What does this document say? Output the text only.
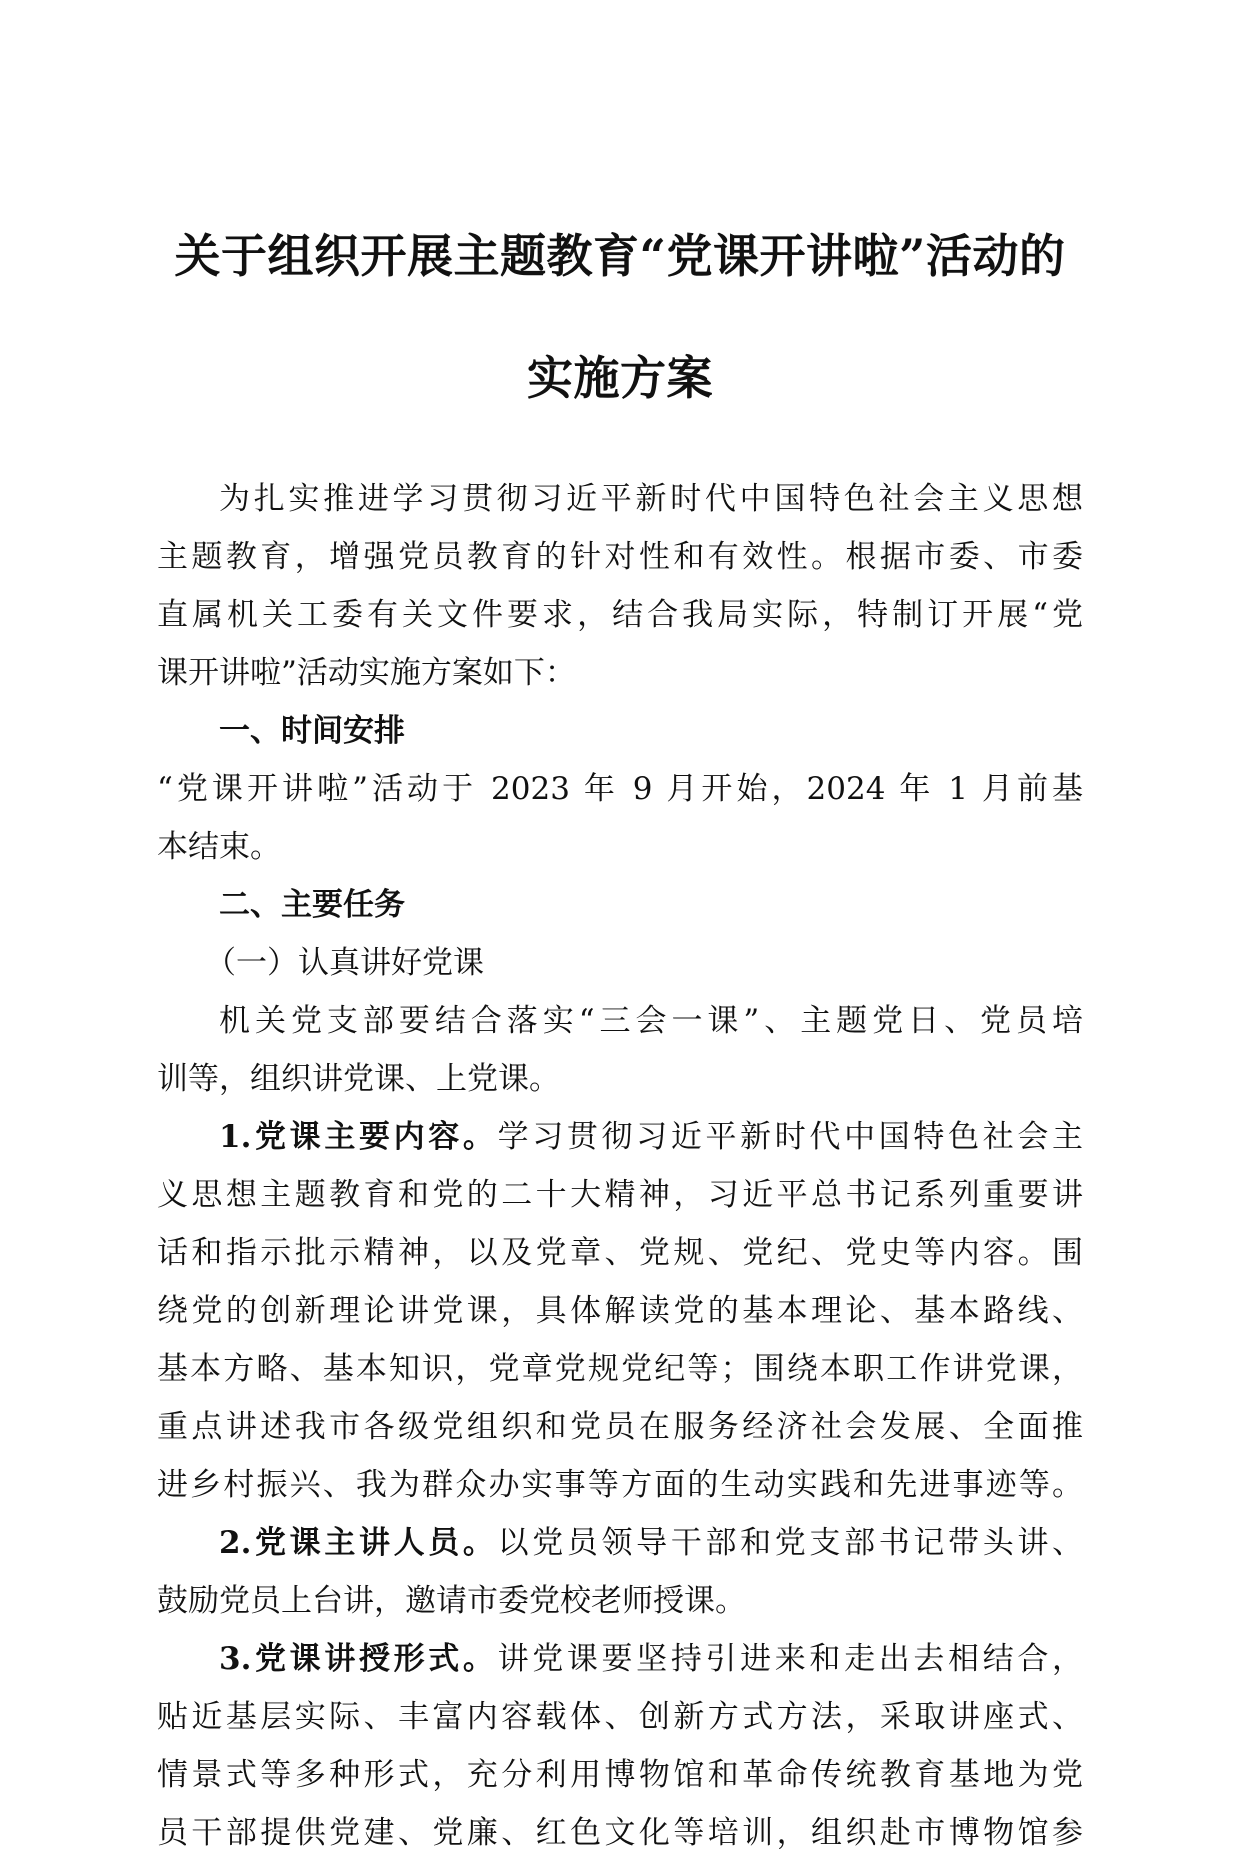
关于组织开展主题教育“党课开讲啦”活动的
实施方案
为扎实推进学习贯彻习近平新时代中国特色社会主义思想
主题教育，增强党员教育的针对性和有效性。根据市委、市委
直属机关工委有关文件要求，结合我局实际，特制订开展“党
课开讲啦”活动实施方案如下：
一、时间安排
“党课开讲啦”活动于 2023 年 9 月开始，2024 年 1 月前基
本结束。
二、主要任务
（一）认真讲好党课
机关党支部要结合落实“三会一课”、主题党日、党员培
训等，组织讲党课、上党课。
1.党课主要内容。学习贯彻习近平新时代中国特色社会主
义思想主题教育和党的二十大精神，习近平总书记系列重要讲
话和指示批示精神，以及党章、党规、党纪、党史等内容。围
绕党的创新理论讲党课，具体解读党的基本理论、基本路线、
基本方略、基本知识，党章党规党纪等；围绕本职工作讲党课，
重点讲述我市各级党组织和党员在服务经济社会发展、全面推
进乡村振兴、我为群众办实事等方面的生动实践和先进事迹等。
2.党课主讲人员。以党员领导干部和党支部书记带头讲、
鼓励党员上台讲，邀请市委党校老师授课。
3.党课讲授形式。讲党课要坚持引进来和走出去相结合，
贴近基层实际、丰富内容载体、创新方式方法，采取讲座式、
情景式等多种形式，充分利用博物馆和革命传统教育基地为党
员干部提供党建、党廉、红色文化等培训，组织赴市博物馆参
